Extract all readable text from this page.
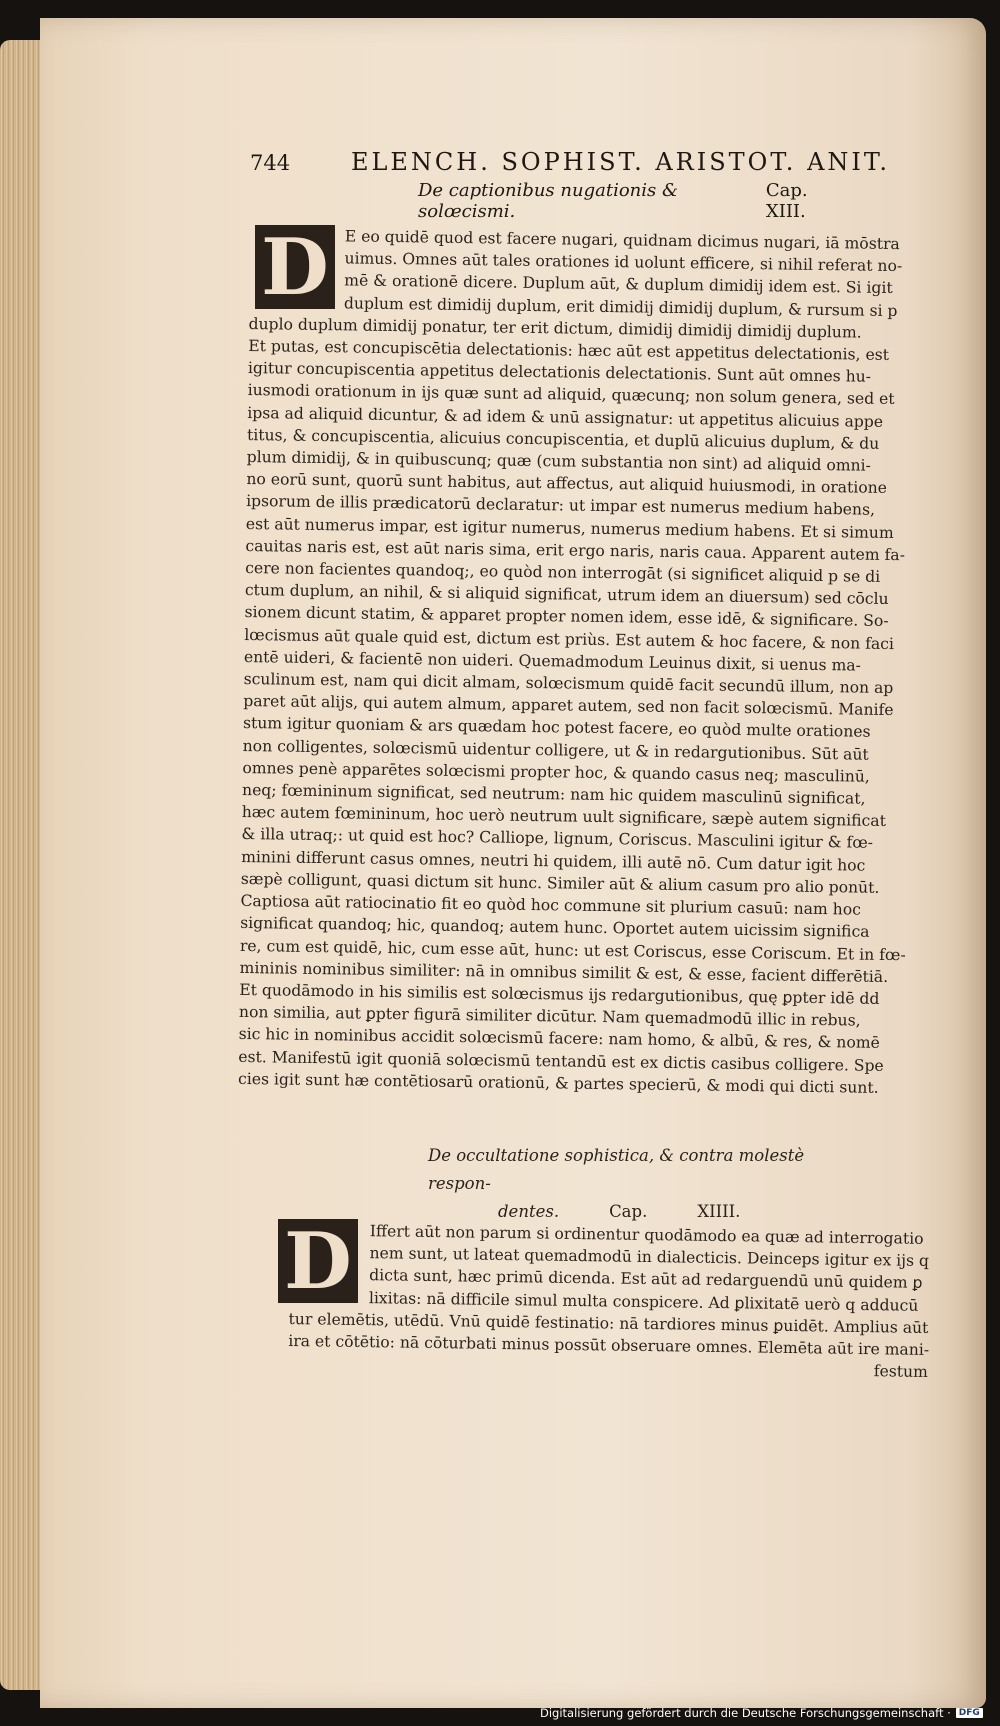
744	ELENCH. SOPHIST. ARISTOT. ANIT.
De captionibus nugationis & solœcismi.
Cap.        XIII.
D	E eo quidē quod est facere nugari, quidnam dicimus nugari, iā mōstra

uimus. Omnes aūt tales orationes id uolunt efficere, si nihil referat no-

mē & orationē dicere. Duplum aūt, & duplum dimidij idem est. Si igit

duplum est dimidij duplum, erit dimidij dimidij duplum, & rursum si p

duplo duplum dimidij ponatur, ter erit dictum, dimidij dimidij dimidij duplum.

Et putas, est concupiscētia delectationis: hæc aūt est appetitus delectationis, est

igitur concupiscentia appetitus delectationis delectationis. Sunt aūt omnes hu-

iusmodi orationum in ijs quæ sunt ad aliquid, quæcunq; non solum genera, sed et

ipsa ad aliquid dicuntur, & ad idem & unū assignatur: ut appetitus alicuius appe

titus, & concupiscentia, alicuius concupiscentia, et duplū alicuius duplum, & du

plum dimidij, & in quibuscunq; quæ (cum substantia non sint) ad aliquid omni-

no eorū sunt, quorū sunt habitus, aut affectus, aut aliquid huiusmodi, in oratione

ipsorum de illis prædicatorū declaratur: ut impar est numerus medium habens,

est aūt numerus impar, est igitur numerus, numerus medium habens. Et si simum

cauitas naris est, est aūt naris sima, erit ergo naris, naris caua. Apparent autem fa-

cere non facientes quandoq;, eo quòd non interrogāt (si significet aliquid p se di

ctum duplum, an nihil, & si aliquid significat, utrum idem an diuersum) sed cōclu

sionem dicunt statim, & apparet propter nomen idem, esse idē, & significare. So-

lœcismus aūt quale quid est, dictum est priùs. Est autem & hoc facere, & non faci

entē uideri, & facientē non uideri. Quemadmodum Leuinus dixit, si uenus ma-

sculinum est, nam qui dicit almam, solœcismum quidē facit secundū illum, non ap

paret aūt alijs, qui autem almum, apparet autem, sed non facit solœcismū. Manife

stum igitur quoniam & ars quædam hoc potest facere, eo quòd multe orationes

non colligentes, solœcismū uidentur colligere, ut & in redargutionibus. Sūt aūt

omnes penè apparētes solœcismi propter hoc, & quando casus neq; masculinū,

neq; fœmininum significat, sed neutrum: nam hic quidem masculinū significat,

hæc autem fœmininum, hoc uerò neutrum uult significare, sæpè autem significat

& illa utraq;: ut quid est hoc? Calliope, lignum, Coriscus. Masculini igitur & fœ-

minini differunt casus omnes, neutri hi quidem, illi autē nō. Cum datur igit hoc

sæpè colligunt, quasi dictum sit hunc. Similer aūt & alium casum pro alio ponūt.

Captiosa aūt ratiocinatio fit eo quòd hoc commune sit plurium casuū: nam hoc

significat quandoq; hic, quandoq; autem hunc. Oportet autem uicissim significa

re, cum est quidē, hic, cum esse aūt, hunc: ut est Coriscus, esse Coriscum. Et in fœ-

mininis nominibus similiter: nā in omnibus similit & est, & esse, facient differētiā.

Et quodāmodo in his similis est solœcismus ijs redargutionibus, quę ꝑpter idē dd

non similia, aut ꝑpter figurā similiter dicūtur. Nam quemadmodū illic in rebus,

sic hic in nominibus accidit solœcismū facere: nam homo, & albū, & res, & nomē

est. Manifestū igit quoniā solœcismū tentandū est ex dictis casibus colligere. Spe

cies igit sunt hæ contētiosarū orationū, & partes specierū, & modi qui dicti sunt.

De occultatione sophistica, & contra molestè respon-
dentes.	Cap.	XIIII.
D	Iffert aūt non parum si ordinentur quodāmodo ea quæ ad interrogatio

nem sunt, ut lateat quemadmodū in dialecticis. Deinceps igitur ex ijs q

dicta sunt, hæc primū dicenda. Est aūt ad redarguendū unū quidem ꝑ

lixitas: nā difficile simul multa conspicere. Ad ꝑlixitatē uerò q adducū

tur elemētis, utēdū. Vnū quidē festinatio: nā tardiores minus ꝑuidēt. Amplius aūt

ira et cōtētio: nā cōturbati minus possūt obseruare omnes. Elemēta aūt ire mani-

festum

Digitalisierung gefördert durch die Deutsche Forschungsgemeinschaft · DFG
